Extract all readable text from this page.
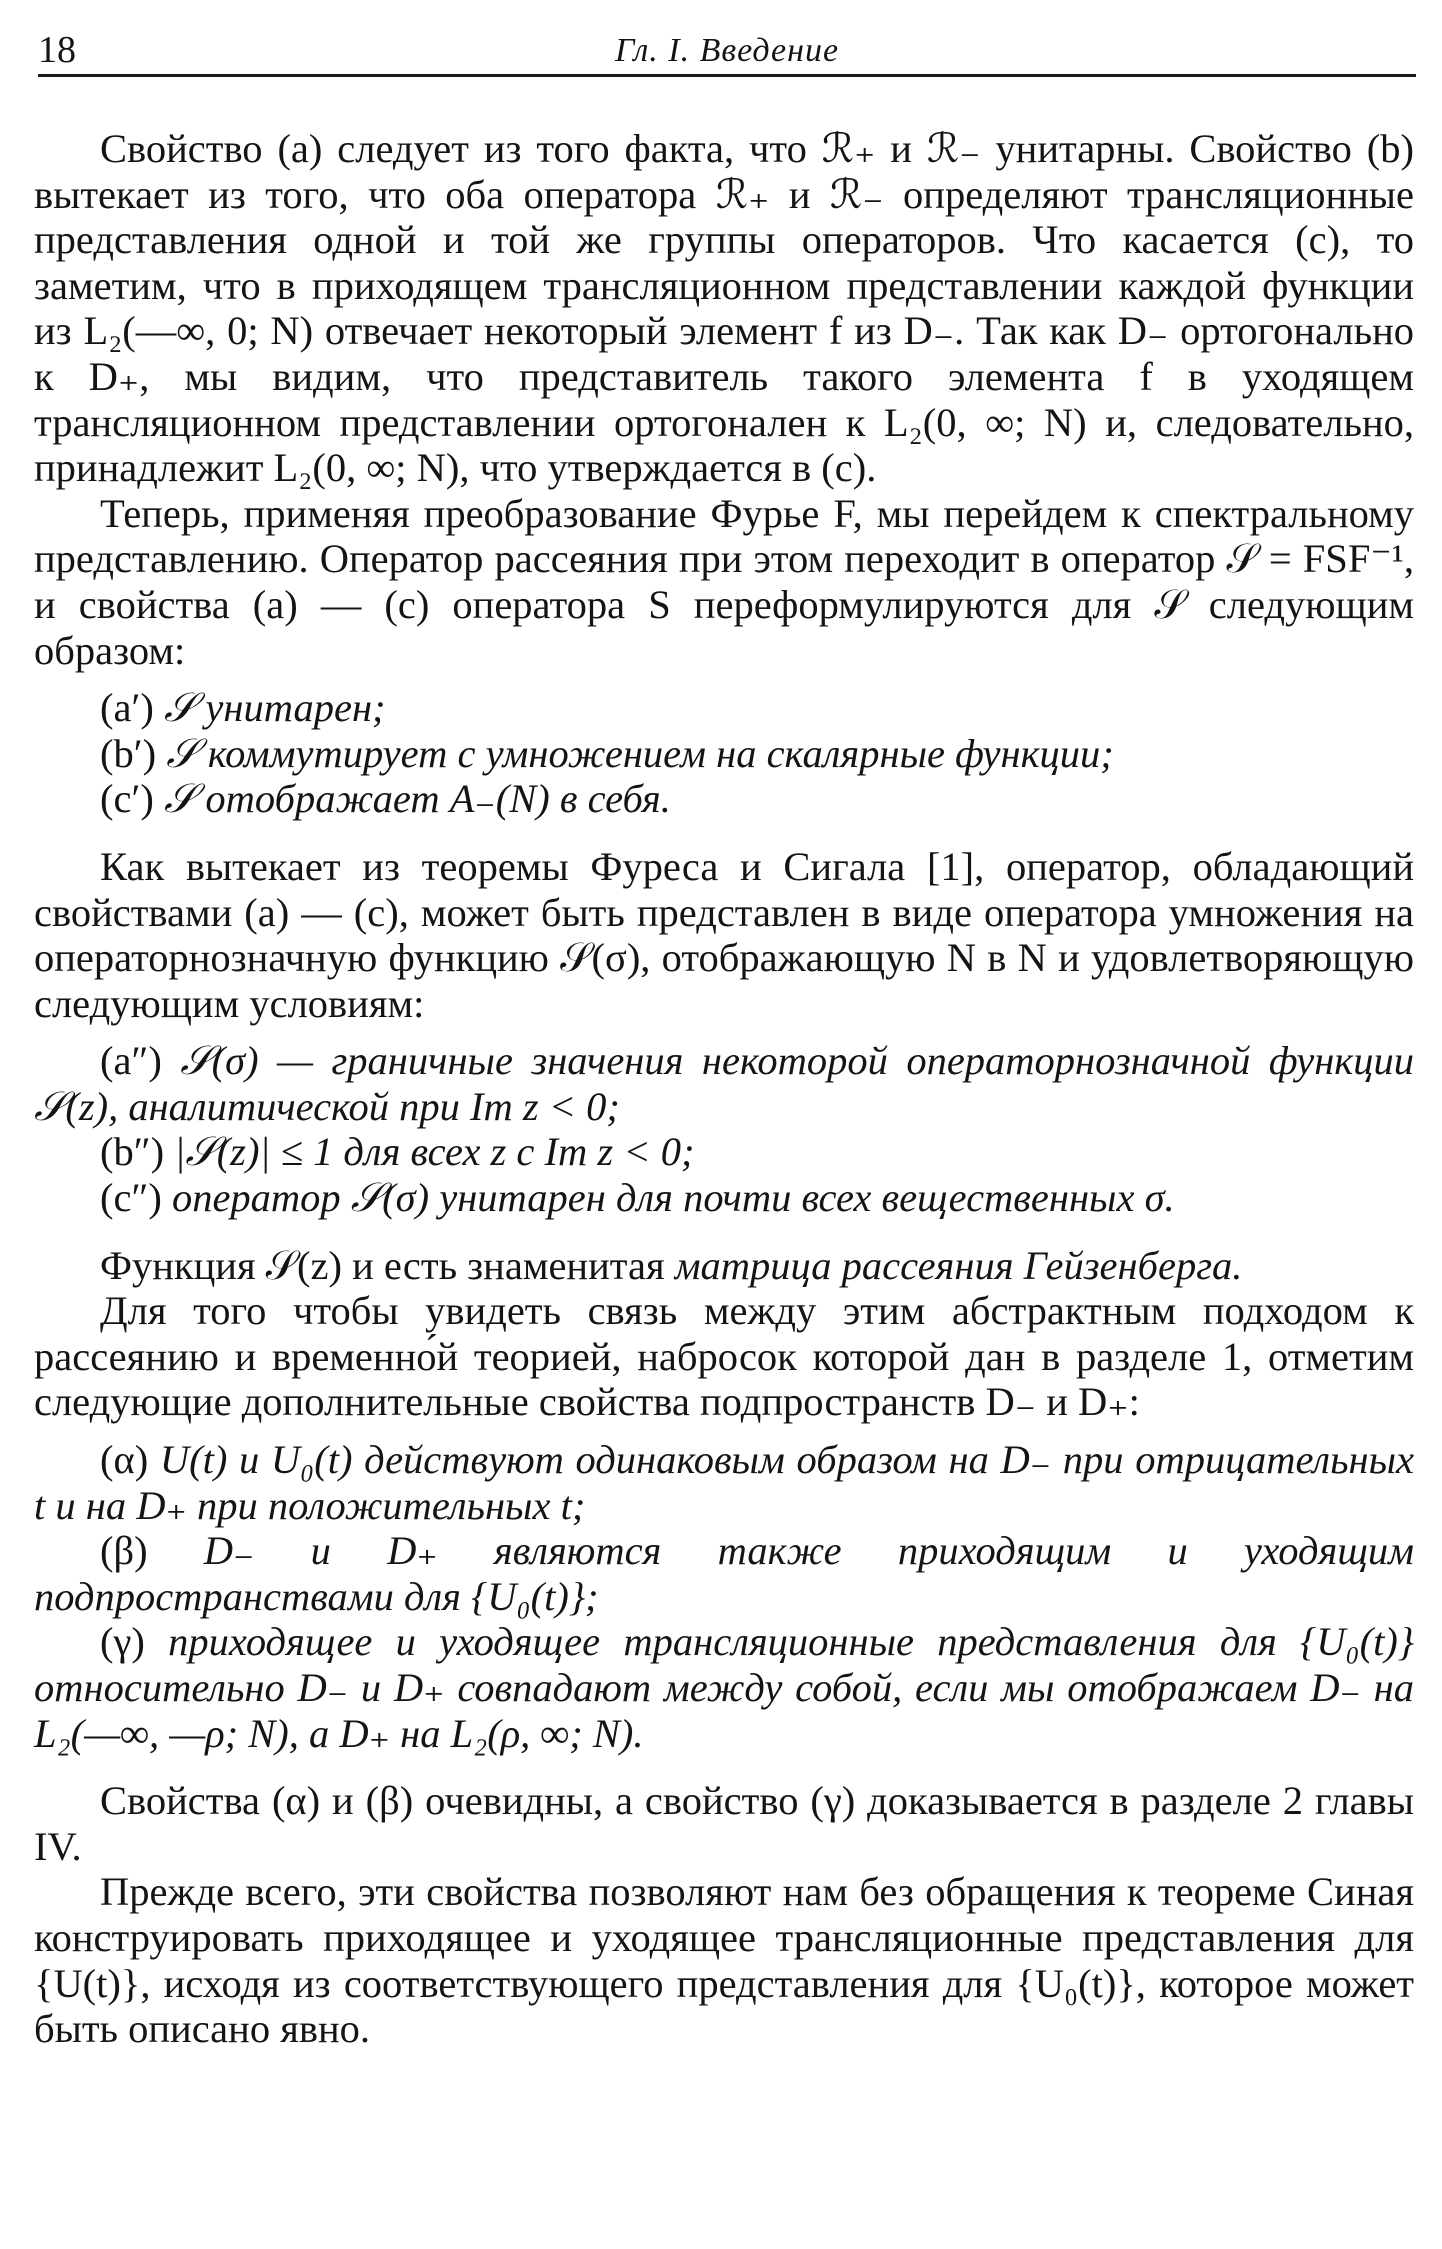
18	Гл. I. Введение

Свойство (a) следует из того факта, что ℛ₊ и ℛ₋ унитарны. Свойство (b) вытекает из того, что оба оператора ℛ₊ и ℛ₋ определяют трансляционные представления одной и той же группы операторов. Что касается (c), то заметим, что в приходящем трансляционном представлении каждой функции из L₂(—∞, 0; N) отвечает некоторый элемент f из D₋. Так как D₋ ортогонально к D₊, мы видим, что представитель такого элемента f в уходящем трансляционном представлении ортогонален к L₂(0, ∞; N) и, следовательно, принадлежит L₂(0, ∞; N), что утверждается в (c).

Теперь, применяя преобразование Фурье F, мы перейдем к спектральному представлению. Оператор рассеяния при этом переходит в оператор 𝒮 = FSF⁻¹, и свойства (a) — (c) оператора S переформулируются для 𝒮 следующим образом:

(a′) 𝒮 унитарен;

(b′) 𝒮 коммутирует с умножением на скалярные функции;

(c′) 𝒮 отображает A₋(N) в себя.

Как вытекает из теоремы Фуреса и Сигала [1], оператор, обладающий свойствами (a) — (c), может быть представлен в виде оператора умножения на операторнозначную функцию 𝒮(σ), отображающую N в N и удовлетворяющую следующим условиям:

(a″) 𝒮(σ) — граничные значения некоторой операторнозначной функции 𝒮(z), аналитической при Im z < 0;

(b″) |𝒮(z)| ≤ 1 для всех z с Im z < 0;

(c″) оператор 𝒮(σ) унитарен для почти всех вещественных σ.

Функция 𝒮(z) и есть знаменитая матрица рассеяния Гейзенберга.

Для того чтобы увидеть связь между этим абстрактным подходом к рассеянию и временно́й теорией, набросок которой дан в разделе 1, отметим следующие дополнительные свойства подпространств D₋ и D₊:

(α) U(t) и U₀(t) действуют одинаковым образом на D₋ при отрицательных t и на D₊ при положительных t;

(β) D₋ и D₊ являются также приходящим и уходящим подпространствами для {U₀(t)};

(γ) приходящее и уходящее трансляционные представления для {U₀(t)} относительно D₋ и D₊ совпадают между собой, если мы отображаем D₋ на L₂(—∞, —ρ; N), а D₊ на L₂(ρ, ∞; N).

Свойства (α) и (β) очевидны, а свойство (γ) доказывается в разделе 2 главы IV.

Прежде всего, эти свойства позволяют нам без обращения к теореме Синая конструировать приходящее и уходящее трансляционные представления для {U(t)}, исходя из соответствующего представления для {U₀(t)}, которое может быть описано явно.
